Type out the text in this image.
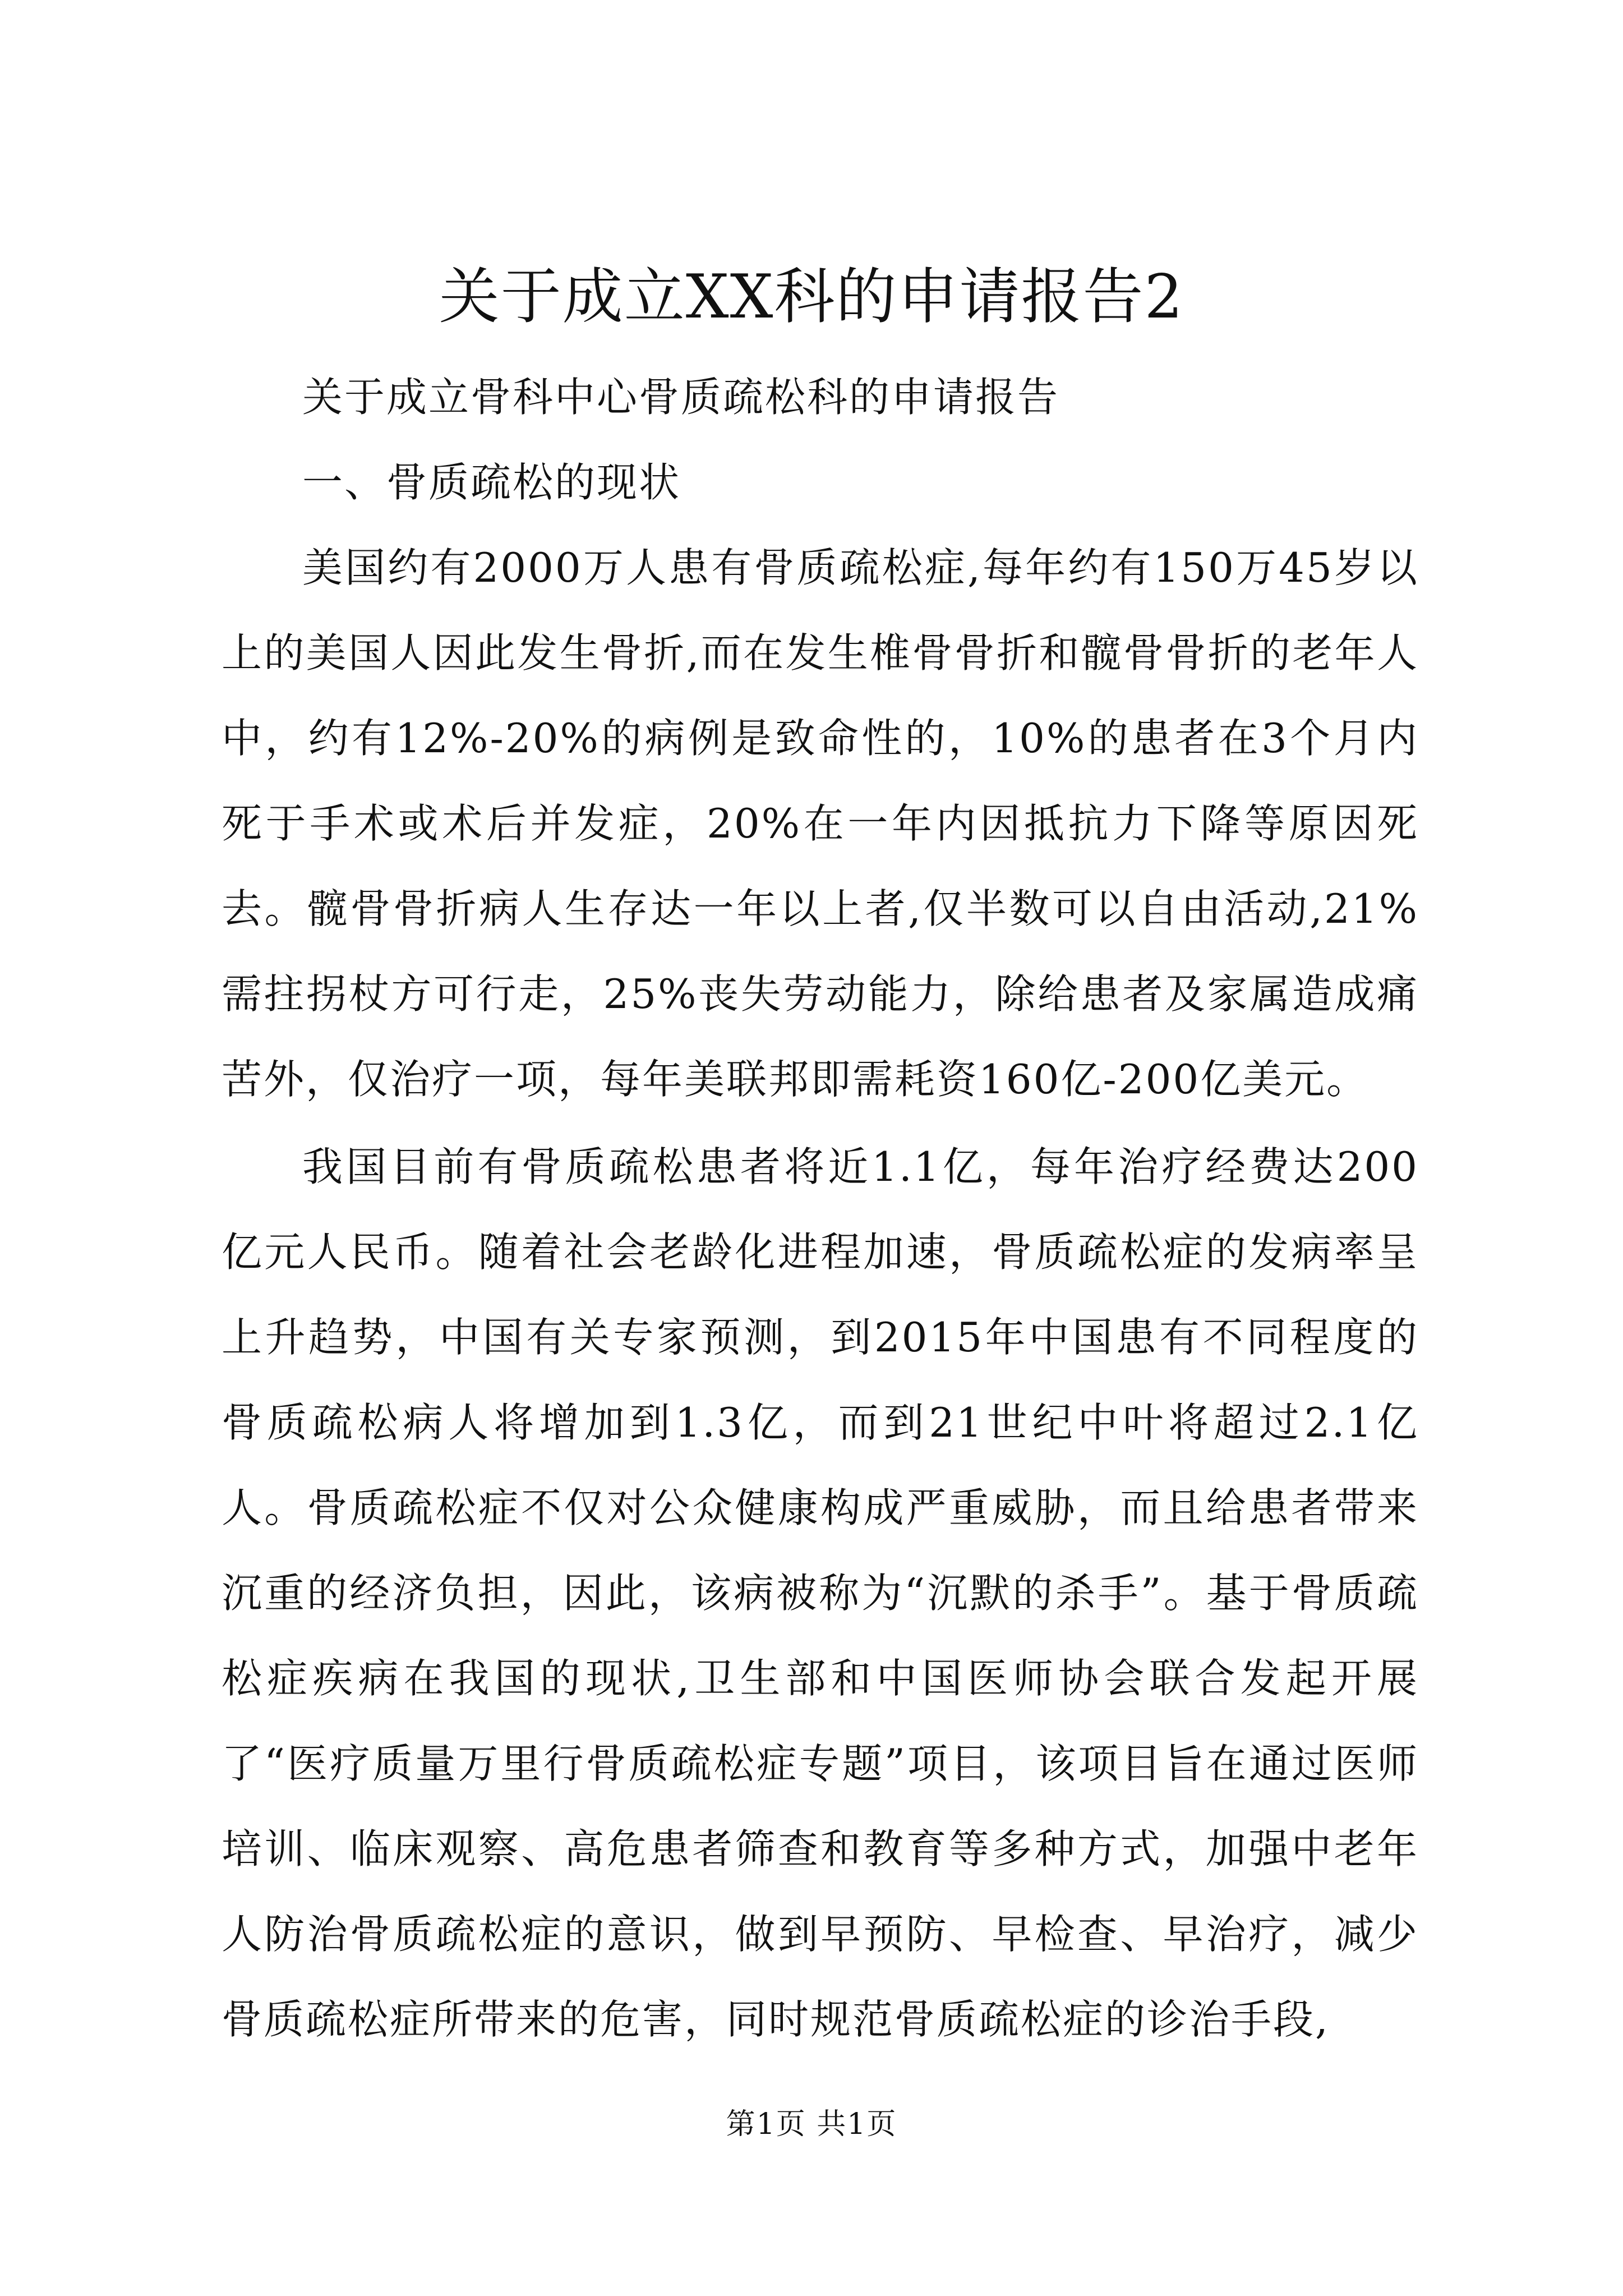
关于成立XX科的申请报告2

关于成立骨科中心骨质疏松科的申请报告

一、骨质疏松的现状

美国约有2000万人患有骨质疏松症,每年约有150万45岁以上的美国人因此发生骨折,而在发生椎骨骨折和髋骨骨折的老年人中，约有12%-20%的病例是致命性的，10%的患者在3个月内死于手术或术后并发症，20%在一年内因抵抗力下降等原因死去。髋骨骨折病人生存达一年以上者,仅半数可以自由活动,21%需拄拐杖方可行走，25%丧失劳动能力，除给患者及家属造成痛苦外，仅治疗一项，每年美联邦即需耗资160亿-200亿美元。

我国目前有骨质疏松患者将近1.1亿，每年治疗经费达200亿元人民币。随着社会老龄化进程加速，骨质疏松症的发病率呈上升趋势，中国有关专家预测，到2015年中国患有不同程度的骨质疏松病人将增加到1.3亿，而到21世纪中叶将超过2.1亿人。骨质疏松症不仅对公众健康构成严重威胁，而且给患者带来沉重的经济负担，因此，该病被称为“沉默的杀手”。基于骨质疏松症疾病在我国的现状,卫生部和中国医师协会联合发起开展了“医疗质量万里行骨质疏松症专题”项目，该项目旨在通过医师培训、临床观察、高危患者筛查和教育等多种方式，加强中老年人防治骨质疏松症的意识，做到早预防、早检查、早治疗，减少骨质疏松症所带来的危害，同时规范骨质疏松症的诊治手段,

第1页 共1页
